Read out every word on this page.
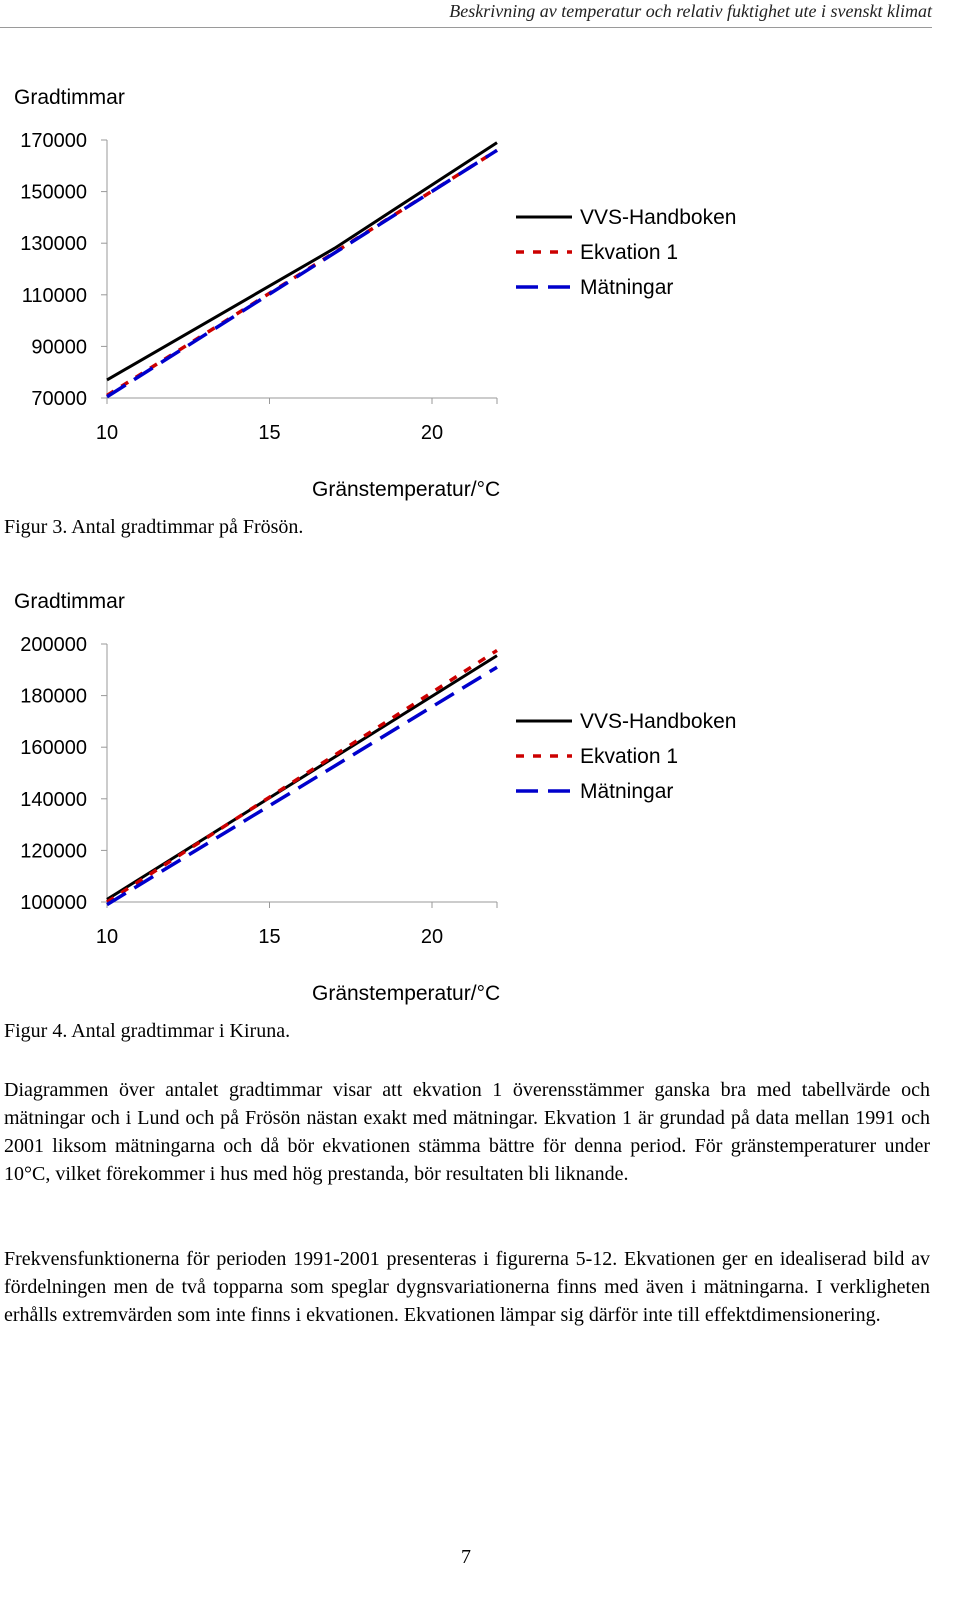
Beskrivning av temperatur och relativ fuktighet ute i svenskt klimat
Gradtimmar
70000
90000
110000
130000
150000
170000
10	15	20
Gränstemperatur/°C
VVS-Handboken
Ekvation 1
Mätningar
Figur 3. Antal gradtimmar på Frösön.
Gradtimmar
100000
120000
140000
160000
180000
200000
10	15	20
Gränstemperatur/°C
VVS-Handboken
Ekvation 1
Mätningar
Figur 4. Antal gradtimmar i Kiruna.

Diagrammen över antalet gradtimmar visar att ekvation 1 överensstämmer ganska bra med tabellvärde och mätningar och i Lund och på Frösön nästan exakt med mätningar. Ekvation 1 är grundad på data mellan 1991 och 2001 liksom mätningarna och då bör ekvationen stämma bättre för denna period. För gränstemperaturer under 10°C, vilket förekommer i hus med hög prestanda, bör resultaten bli liknande.

Frekvensfunktionerna för perioden 1991-2001 presenteras i figurerna 5-12. Ekvationen ger en idealiserad bild av fördelningen men de två topparna som speglar dygnsvariationerna finns med även i mätningarna. I verkligheten erhålls extremvärden som inte finns i ekvationen. Ekvationen lämpar sig därför inte till effektdimensionering.

7
